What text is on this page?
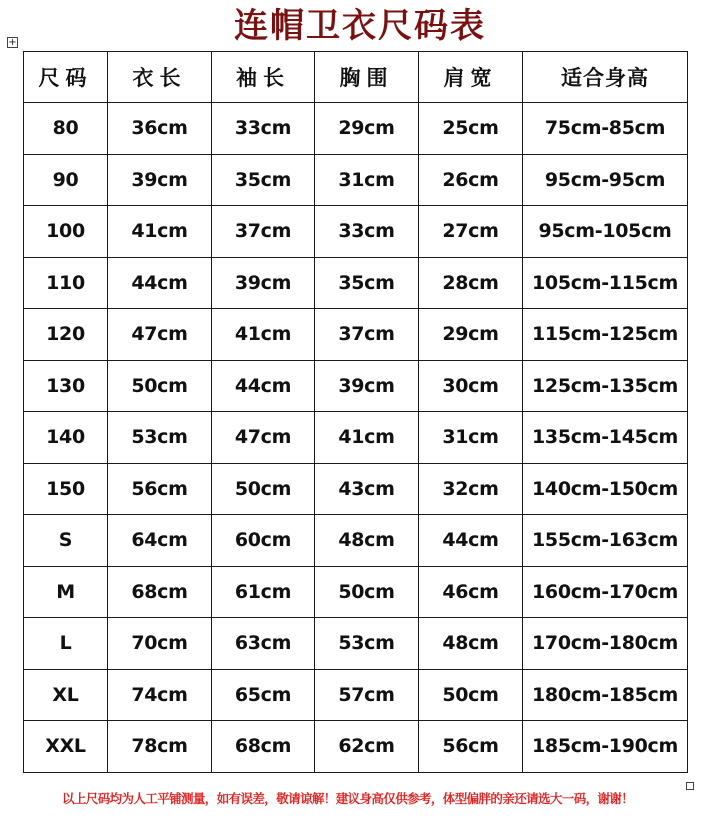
连帽卫衣尺码表
+
尺码	衣长	袖长	胸围	肩宽	适合身高
80	36cm	33cm	29cm	25cm	75cm-85cm
90	39cm	35cm	31cm	26cm	95cm-95cm
100	41cm	37cm	33cm	27cm	95cm-105cm
110	44cm	39cm	35cm	28cm	105cm-115cm
120	47cm	41cm	37cm	29cm	115cm-125cm
130	50cm	44cm	39cm	30cm	125cm-135cm
140	53cm	47cm	41cm	31cm	135cm-145cm
150	56cm	50cm	43cm	32cm	140cm-150cm
S	64cm	60cm	48cm	44cm	155cm-163cm
M	68cm	61cm	50cm	46cm	160cm-170cm
L	70cm	63cm	53cm	48cm	170cm-180cm
XL	74cm	65cm	57cm	50cm	180cm-185cm
XXL	78cm	68cm	62cm	56cm	185cm-190cm
以上尺码均为人工平铺测量，如有误差，敬请谅解！建议身高仅供参考，体型偏胖的亲还请选大一码，谢谢！
